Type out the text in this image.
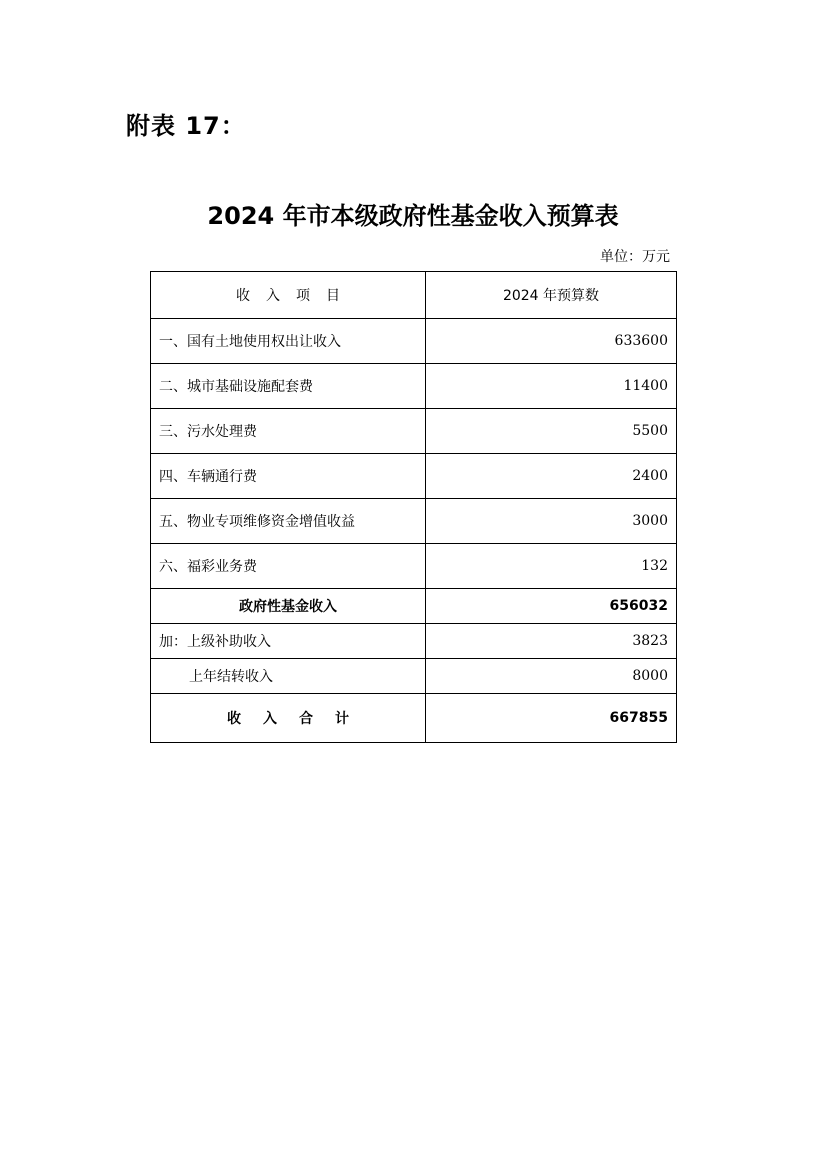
附表 17：
2024 年市本级政府性基金收入预算表
单位：万元
收入项目	2024 年预算数
一、国有土地使用权出让收入	633600
二、城市基础设施配套费	11400
三、污水处理费	5500
四、车辆通行费	2400
五、物业专项维修资金增值收益	3000
六、福彩业务费	132
政府性基金收入	656032
加：上级补助收入	3823
上年结转收入	8000
收入合计	667855
